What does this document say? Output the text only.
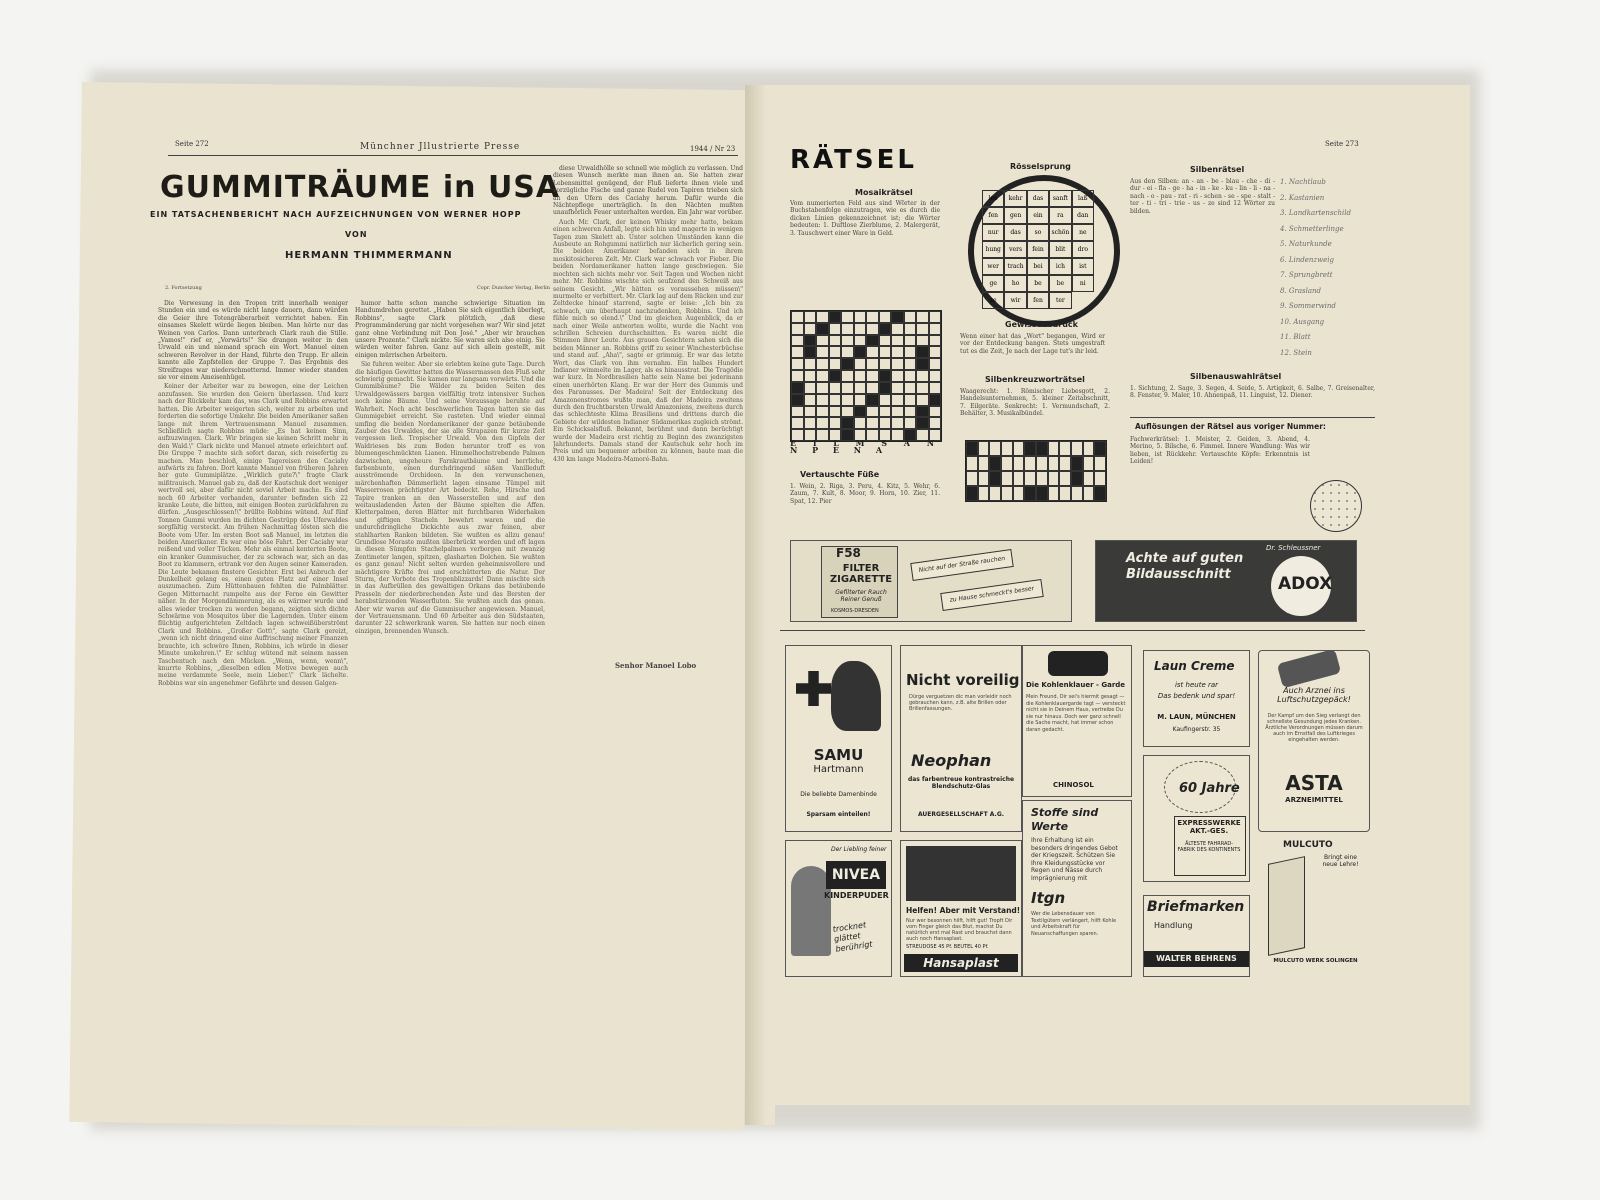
Seite 272	Münchner Jllustrierte Presse	1944 / Nr 23
GUMMITRÄUME in USA
EIN TATSACHENBERICHT NACH AUFZEICHNUNGEN VON WERNER HOPP
VON
HERMANN THIMMERMANN
2. Fortsetzung	Copr. Duncker Verlag, Berlin

Die Verwesung in den Tropen tritt innerhalb weniger Stunden ein und es würde nicht lange dauern, dann würden die Geier ihre Totengräberarbeit verrichtet haben. Ein einsames Skelett würde liegen bleiben. Man hörte nur das Weinen von Carlos. Dann unterbrach Clark rauh die Stille. „Vamos!" rief er, „Vorwärts!" Sie drangen weiter in den Urwald ein und niemand sprach ein Wort. Manuel einen schweren Revolver in der Hand, führte den Trupp. Er allein kannte alle Zapfstellen der Gruppe 7. Das Ergebnis des Streifzuges war niederschmetternd. Immer wieder standen sie vor einem Ameisenhügel.

Keiner der Arbeiter war zu bewegen, eine der Leichen anzufassen. Sie wurden den Geiern überlassen. Und kurz nach der Rückkehr kam das, was Clark und Robbins erwartet hatten. Die Arbeiter weigerten sich, weiter zu arbeiten und forderten die sofortige Umkehr. Die beiden Amerikaner saßen lange mit ihrem Vertrauensmann Manuel zusammen. Schließlich sagte Robbins müde: „Es hat keinen Sinn, aufzuzwingen. Clark. Wir bringen sie keinen Schritt mehr in den Wald.\" Clark nickte und Manuel atmete erleichtert auf. Die Gruppe 7 machte sich sofort daran, sich reisefertig zu machen. Man beschloß, einige Tagereisen den Caciahy aufwärts zu fahren. Dort kannte Manuel von früheren Jahren her gute Gummiplätze. „Wirklich gute?\" fragte Clark mißtrauisch. Manuel gab zu, daß der Kautschuk dort weniger wertvoll sei, aber dafür nicht soviel Arbeit mache. Es sind noch 60 Arbeiter vorhanden, darunter befinden sich 22 kranke Leute, die bitten, mit einigen Booten zurückfahren zu dürfen. „Ausgeschlossen!\" brüllte Robbins wütend. Auf fünf Tonnen Gummi wurden im dichten Gestrüpp des Uferwaldes sorgfältig versteckt. Am frühen Nachmittag lösten sich die Boote vom Ufer. Im ersten Boot saß Manuel, im letzten die beiden Amerikaner. Es war eine böse Fahrt. Der Caciahy war reißend und voller Tücken. Mehr als einmal kenterten Boote, ein kranker Gummisucher, der zu schwach war, sich an das Boot zu klammern, ertrank vor den Augen seiner Kameraden. Die Leute bekamen finstere Gesichter. Erst bei Anbruch der Dunkelheit gelang es, einen guten Platz auf einer Insel auszumachen. Zum Hüttenbauen fehlten die Palmblätter. Gegen Mitternacht rumpelte aus der Ferne ein Gewitter näher. In der Morgendämmerung, als es wärmer wurde und alles wieder trocken zu werden begann, zeigten sich dichte Schwärme von Mosquitos über die Lagernden. Unter einem flüchtig aufgerichteten Zeltdach lagen schweißüberströmt Clark und Robbins. „Großer Gott\", sagte Clark gereizt, „wenn ich nicht dringend eine Auffrischung meiner Finanzen brauchte, ich schwöre Ihnen, Robbins, ich würde in dieser Minute umkehren.\" Er schlug wütend mit seinem nassen Taschentuch nach den Mücken. „Wenn, wenn, wenn\", knurrte Robbins, „dieselben edlen Motive bewegen auch meine verdammte Seele, mein Lieber.\" Clark lächelte. Robbins war ein angenehmer Gefährte und dessen Galgen-

humor hatte schon manche schwierige Situation im Handumdrehen gerettet. „Haben Sie sich eigentlich überlegt, Robbins", sagte Clark plötzlich, „daß diese Programmänderung gar nicht vorgesehen war? Wir sind jetzt ganz ohne Verbindung mit Don José." „Aber wir brauchen unsere Prozente." Clark nickte. Sie waren sich also einig. Sie würden weiter fahren. Ganz auf sich allein gestellt, mit einigen mürrischen Arbeitern.

Sie fuhren weiter. Aber sie erlebten keine gute Tage. Durch die häufigen Gewitter hatten die Wassermassen den Fluß sehr schwierig gemacht. Sie kamen nur langsam vorwärts. Und die Gummibäume? Die Wälder zu beiden Seiten des Urwaldgewässers bargen vielfältig trotz intensiver Suchen noch keine Bäume. Und seine Voraussage beruhte auf Wahrheit. Noch acht beschwerlichen Tagen hatten sie das Gummigebiet erreicht. Sie rasteten. Und wieder einmal umfing die beiden Nordamerikaner der ganze betäubende Zauber des Urwaldes, der sie alle Strapazen für kurze Zeit vergessen ließ. Tropischer Urwald. Von den Gipfeln der Waldriesen bis zum Boden herunter troff es von blumengeschmückten Lianen. Himmelhochstrebende Palmen dazwischen, ungeheure Farnkrautbäume und herrliche, farbenbunte, einen durchdringend süßen Vanilleduft ausströmende Orchideen. In den verwunschenen, märchenhaften Dämmerlicht lagen einsame Tümpel mit Wasserrosen prächtigster Art bedeckt. Rehe, Hirsche und Tapire tranken an den Wasserstellen und auf den weitausladenden Ästen der Bäume spielten die Affen. Kletterpalmen, deren Blätter mit furchtbaren Widerhaken und giftigen Stacheln bewehrt waren und die undurchdringliche Dickichte aus zwar feinen, aber stahlharten Ranken bildeten. Sie wußten es allzu genau! Grundlose Moraste mußten überbrückt werden und oft lagen in diesen Sümpfen Stachelpalmen verborgen mit zwanzig Zentimeter langen, spitzen, glasharten Dolchen. Sie wußten es ganz genau! Nicht selten wurden geheimnisvollere und mächtigere Kräfte frei und erschütterten die Natur. Der Sturm, der Vorbote des Tropenblizzards! Dann mischte sich in das Aufbrüllen des gewaltigen Orkans das betäubende Prasseln der niederbrechenden Äste und das Bersten der herabstürzenden Wasserfluten. Sie wußten auch das genau. Aber wir waren auf die Gummisucher angewiesen. Manuel, der Vertrauensmann. Und 60 Arbeiter aus den Südstaaten, darunter 22 schwerkrank waren. Sie hatten nur noch einen einzigen, brennenden Wunsch.

diese Urwaldhölle so schnell wie möglich zu verlassen. Und diesen Wunsch merkte man ihnen an. Sie hatten zwar Lebensmittel genügend, der Fluß lieferte ihnen viele und vorzügliche Fische und ganze Rudel von Tapiren trieben sich an den Ufern des Caciahy herum. Dafür wurde die Nächtepflege unerträglich. In den Nächten mußten unaufhörlich Feuer unterhalten werden. Ein Jahr war vorüber.

Auch Mr. Clark, der keinen Whisky mehr hatte, bekam einen schweren Anfall, legte sich hin und magerte in wenigen Tagen zum Skelett ab. Unter solchen Umständen kann die Ausbeute an Rohgummi natürlich nur lächerlich gering sein. Die beiden Amerikaner befanden sich in ihrem moskitosicheren Zelt. Mr. Clark war schwach vor Fieber. Die beiden Nordamerikaner hatten lange geschwiegen. Sie mochten sich nichts mehr vor. Seit Tagen und Wochen nicht mehr. Mr. Robbins wischte sich seufzend den Schweiß aus seinem Gesicht. „Wir hätten es voraussehen müssen\" murmelte er verbittert. Mr. Clark lag auf dem Rücken und zur Zeltdecke hinauf starrend, sagte er leise: „Ich bin zu schwach, um überhaupt nachzudenken, Robbins. Und ich fühle mich so elend.\" Und im gleichen Augenblick, da er nach einer Weile antworten wollte, wurde die Nacht von schrillen Schreien durchschnitten. Es waren nicht die Stimmen ihrer Leute. Aus grauen Gesichtern sahen sich die beiden Männer an. Robbins griff zu seiner Winchesterbüchse und stand auf. „Aha\", sagte er grimmig. Er war das letzte Wort, das Clark von ihm vernahm. Ein halbes Hundert Indianer wimmelte im Lager, als es hinausstrat. Die Tragödie war kurz. In Nordbrasilien hatte sein Name bei jedermann einen unerhörten Klang. Er war der Herr des Gummis und des Paranusses. Der Madeira! Seit der Entdeckung des Amazonenstromes wußte man, daß der Madeira zweitens durch den fruchtbarsten Urwald Amazoniens, zweitens durch das schlechteste Klima Brasiliens und drittens durch die Gebiete der wildesten Indianer Südamerikas zugleich strömt. Ein Schicksalsfluß. Bekannt, berühmt und dann berüchtigt wurde der Madeira erst richtig zu Beginn des zwanzigsten Jahrhunderts. Damals stand der Kautschuk sehr hoch im Preis und um bequemer arbeiten zu können, baute man die 430 km lange Madeira-Mamoré-Bahn.

Senhor Manoel Lobo
RÄTSEL
Seite 273
Mosaikrätsel
Vom numerierten Feld aus sind Wörter in der Buchstabenfolge einzutragen, wie es durch die dicken Linien gekennzeichnet ist; die Wörter bedeuten: 1. Duftlose Zierblume, 2. Malergerät, 3. Tauschwert einer Ware in Geld.
E I L M S A N N P E N A
Rösselsprung
lee	kehr	das	sanft	laß
fen	gen	ein	ra	dan
nur	das	so	schön	ne
hung	vers	fein	blit	dro
wer	trach	bei	ich	ist
ge	ho	be	be	ni
ze	wir	fen	ter
Gewissensdruck
Wenn einer hat das „Wort" begangen, Wird er vor der Entdeckung bangen. Stets umgestraft tut es die Zeit, Je nach der Lage tut's ihr leid.
Silbenkreuzworträtsel
Waagerecht: 1. Römischer Liebesgott, 2. Handelsunternehmen, 5. kleiner Zeitabschnitt, 7. Eilgeräte. Senkrecht: 1. Vermundschaft, 2. Behälter, 3. Musikalbündel.
Vertauschte Füße
1. Wein, 2. Riga, 3. Peru, 4. Kitz, 5. Wehr, 6. Zaum, 7. Kult, 8. Moor, 9. Horn, 10. Zier, 11. Spat, 12. Pier
Silbenrätsel
Aus den Silben: an - an - be - blau - che - di - dur - ei - fla - ge - ha - in - ke - ku - lin - li - na - nach - o - pau - rat - ri - schen - se - spe - stalt - ter - ti - tri - trie - us - ze sind 12 Wörter zu bilden.
1. Nachtlaub
2. Kastanien
3. Landkartenschild
4. Schmetterlinge
5. Naturkunde
6. Lindenzweig
7. Sprungbrett
8. Grasland
9. Sommerwind
10. Ausgang
11. Blatt
12. Stein
Silbenauswahlrätsel
1. Sichtung, 2. Sage, 3. Segen, 4. Seide, 5. Artigkeit, 6. Salbe, 7. Greisenalter, 8. Fenster, 9. Maler, 10. Ahnenpaß, 11. Linguist, 12. Diener.
Auflösungen der Rätsel aus voriger Nummer:
Fachwerkrätsel: 1. Meister, 2. Geiden, 3. Abend, 4. Merino, 5. Bilsche, 6. Fimmel. Innere Wandlung: Was wir lieben, ist Rückkehr. Vertauschte Köpfe: Erkenntnis ist Leiden!
F58
FILTER ZIGARETTE
Gefilterter Rauch Reiner Genuß
KOSMOS-DRESDEN
Nicht auf der Straße rauchen
zu Hause schmeckt's besser
Achte auf guten Bildausschnitt
Dr. Schleussner
ADOX
FOTO
SAMU
Hartmann
Die beliebte Damenbinde
Sparsam einteilen!
Nicht voreilig
Dürge verguetzen dic man vorleidir noch gebrauchen kann, z.B. alte Brillen oder Brillenfassungen.
Neophan
das farbentreue kontrastreiche Blendschutz-Glas
AUERGESELLSCHAFT A.G.
Die Kohlenklauer - Garde
Mein Freund, Dir sei's hiermit gesagt — die Kohlenklauergarde tagt — versteckt nicht sie in Deinem Haus, vertreibe Du sie nur hinaus. Doch wer ganz schnell die Sache macht, hat immer schon daran gedacht.
CHINOSOL
Laun Creme
ist heute rar
Das bedenk und spar!
M. LAUN, MÜNCHEN
Kaufingerstr. 35
Auch Arznei ins Luftschutzgepäck!
Der Kampf um den Sieg verlangt den schnellste Gesundung jedes Kranken. Ärztliche Verordnungen müssen darum auch im Ernstfall des Luftkrieges eingehalten werden.
ASTA
ARZNEIMITTEL
Der Liebling feiner
NIVEA
KINDERPUDER
trocknet glättet berührigt
Helfen! Aber mit Verstand!
Nur wer besonnen hilft, hilft gut! Tropft Dir vom Finger gleich das Blut, machst Du natürlich erst mal Rast und brauchst dann auch noch Hansaplast.
STREUDOSE 45 Pf. BEUTEL 40 Pf.
Hansaplast
Stoffe sind Werte
Ihre Erhaltung ist ein besonders dringendes Gebot der Kriegszeit. Schützen Sie Ihre Kleidungsstücke vor Regen und Nässe durch Imprägnierung mit
Itgn
Wer die Lebensdauer von Textilgütern verlängert, hilft Kohle und Arbeitskraft für Neuanschaffungen sparen.
60 Jahre
EXPRESSWERKE AKT.-GES.
ÄLTESTE FAHRRAD-FABRIK DES KONTINENTS
Briefmarken
Handlung
WALTER BEHRENS
MULCUTO
Bringt eine neue Lehre!
MULCUTO WERK SOLINGEN
